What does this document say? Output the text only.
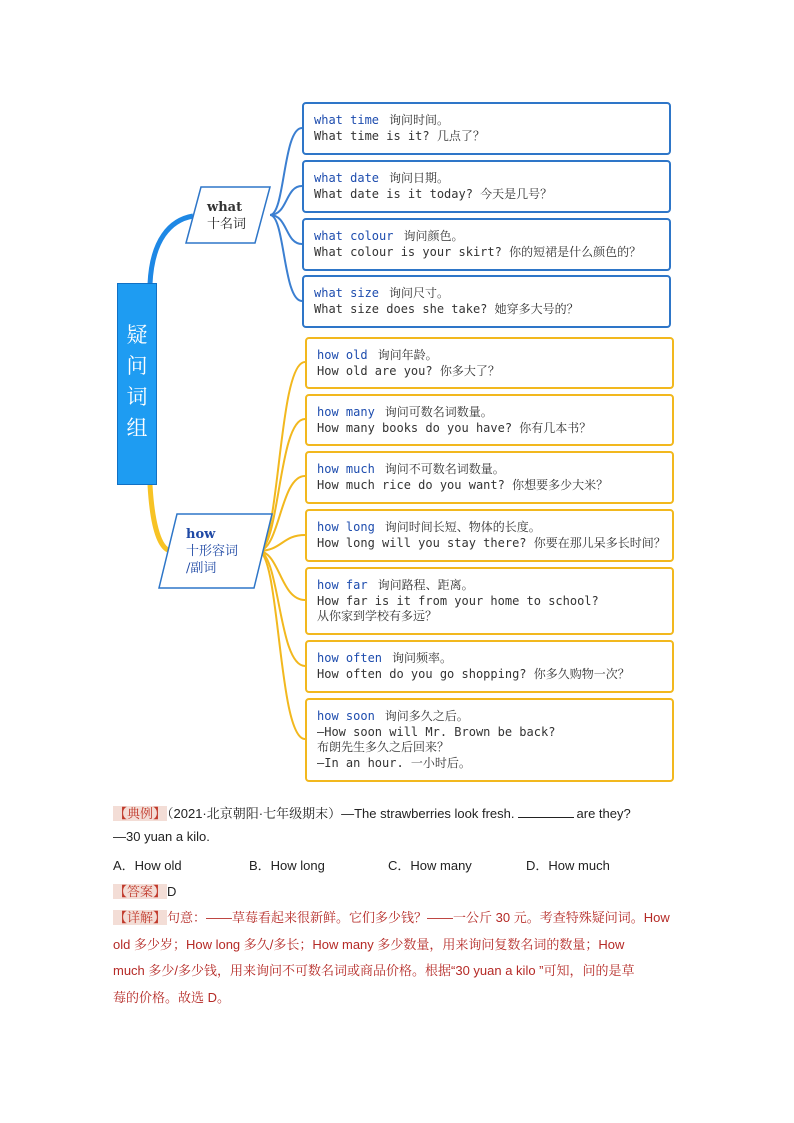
疑
问
词
组
what
十名词
how
十形容词
/副词
what time 询问时间。
What time is it? 几点了？
what date 询问日期。
What date is it today? 今天是几号？
what colour 询问颜色。
What colour is your skirt? 你的短裙是什么颜色的？
what size 询问尺寸。
What size does she take? 她穿多大号的？
how old 询问年龄。
How old are you? 你多大了？
how many 询问可数名词数量。
How many books do you have? 你有几本书？
how much 询问不可数名词数量。
How much rice do you want? 你想要多少大米？
how long 询问时间长短、物体的长度。
How long will you stay there? 你要在那儿呆多长时间？
how far 询问路程、距离。
How far is it from your home to school?
从你家到学校有多远？
how often 询问频率。
How often do you go shopping? 你多久购物一次？
how soon 询问多久之后。
—How soon will Mr. Brown be back?
布朗先生多久之后回来？
—In an hour. 一小时后。
【典例】（2021·北京朝阳·七年级期末）—The strawberries look fresh.	are they?
—30 yuan a kilo.
A．How old	B．How long	C．How many	D．How much
【答案】D

【详解】句意：——草莓看起来很新鲜。它们多少钱？——一公斤 30 元。考查特殊疑问词。How

old 多少岁；How long 多久/多长；How many 多少数量，用来询问复数名词的数量；How

much 多少/多少钱，用来询问不可数名词或商品价格。根据“30 yuan a kilo ”可知，问的是草

莓的价格。故选 D。
